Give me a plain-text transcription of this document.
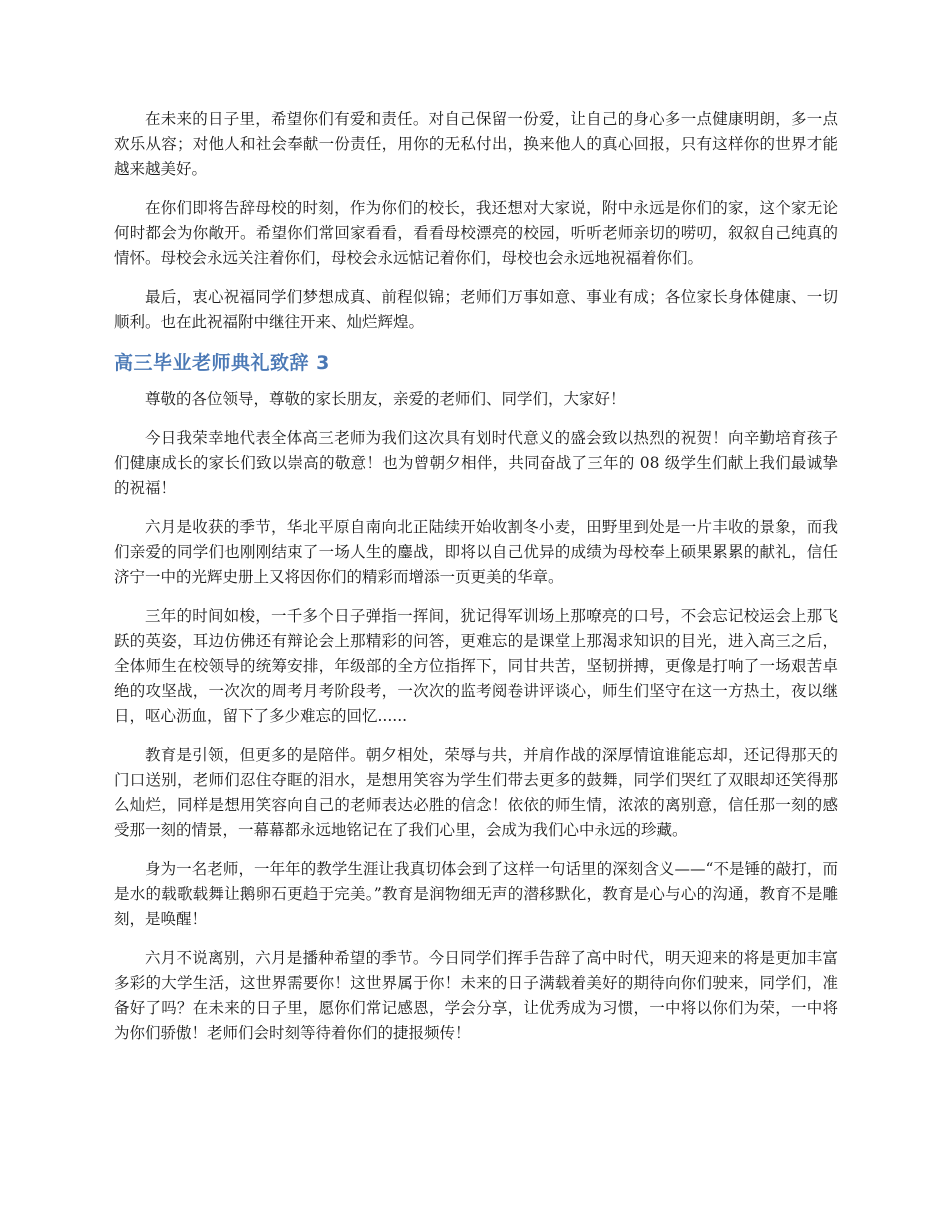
在未来的日子里，希望你们有爱和责任。对自己保留一份爱，让自己的身心多一点健康明朗，多一点欢乐从容；对他人和社会奉献一份责任，用你的无私付出，换来他人的真心回报，只有这样你的世界才能越来越美好。

在你们即将告辞母校的时刻，作为你们的校长，我还想对大家说，附中永远是你们的家，这个家无论何时都会为你敞开。希望你们常回家看看，看看母校漂亮的校园，听听老师亲切的唠叨，叙叙自己纯真的情怀。母校会永远关注着你们，母校会永远惦记着你们，母校也会永远地祝福着你们。

最后，衷心祝福同学们梦想成真、前程似锦；老师们万事如意、事业有成；各位家长身体健康、一切顺利。也在此祝福附中继往开来、灿烂辉煌。

高三毕业老师典礼致辞 3

尊敬的各位领导，尊敬的家长朋友，亲爱的老师们、同学们，大家好！

今日我荣幸地代表全体高三老师为我们这次具有划时代意义的盛会致以热烈的祝贺！向辛勤培育孩子们健康成长的家长们致以崇高的敬意！也为曾朝夕相伴，共同奋战了三年的 08 级学生们献上我们最诚挚的祝福！

六月是收获的季节，华北平原自南向北正陆续开始收割冬小麦，田野里到处是一片丰收的景象，而我们亲爱的同学们也刚刚结束了一场人生的鏖战，即将以自己优异的成绩为母校奉上硕果累累的献礼，信任济宁一中的光辉史册上又将因你们的精彩而增添一页更美的华章。

三年的时间如梭，一千多个日子弹指一挥间，犹记得军训场上那嘹亮的口号，不会忘记校运会上那飞跃的英姿，耳边仿佛还有辩论会上那精彩的问答，更难忘的是课堂上那渴求知识的目光，进入高三之后，全体师生在校领导的统筹安排，年级部的全方位指挥下，同甘共苦，坚韧拼搏，更像是打响了一场艰苦卓绝的攻坚战，一次次的周考月考阶段考，一次次的监考阅卷讲评谈心，师生们坚守在这一方热土，夜以继日，呕心沥血，留下了多少难忘的回忆......

教育是引领，但更多的是陪伴。朝夕相处，荣辱与共，并肩作战的深厚情谊谁能忘却，还记得那天的门口送别，老师们忍住夺眶的泪水，是想用笑容为学生们带去更多的鼓舞，同学们哭红了双眼却还笑得那么灿烂，同样是想用笑容向自己的老师表达必胜的信念！依依的师生情，浓浓的离别意，信任那一刻的感受那一刻的情景，一幕幕都永远地铭记在了我们心里，会成为我们心中永远的珍藏。

身为一名老师，一年年的教学生涯让我真切体会到了这样一句话里的深刻含义——“不是锤的敲打，而是水的载歌载舞让鹅卵石更趋于完美。”教育是润物细无声的潜移默化，教育是心与心的沟通，教育不是雕刻，是唤醒！

六月不说离别，六月是播种希望的季节。今日同学们挥手告辞了高中时代，明天迎来的将是更加丰富多彩的大学生活，这世界需要你！这世界属于你！未来的日子满载着美好的期待向你们驶来，同学们，准备好了吗？在未来的日子里，愿你们常记感恩，学会分享，让优秀成为习惯，一中将以你们为荣，一中将为你们骄傲！老师们会时刻等待着你们的捷报频传！
